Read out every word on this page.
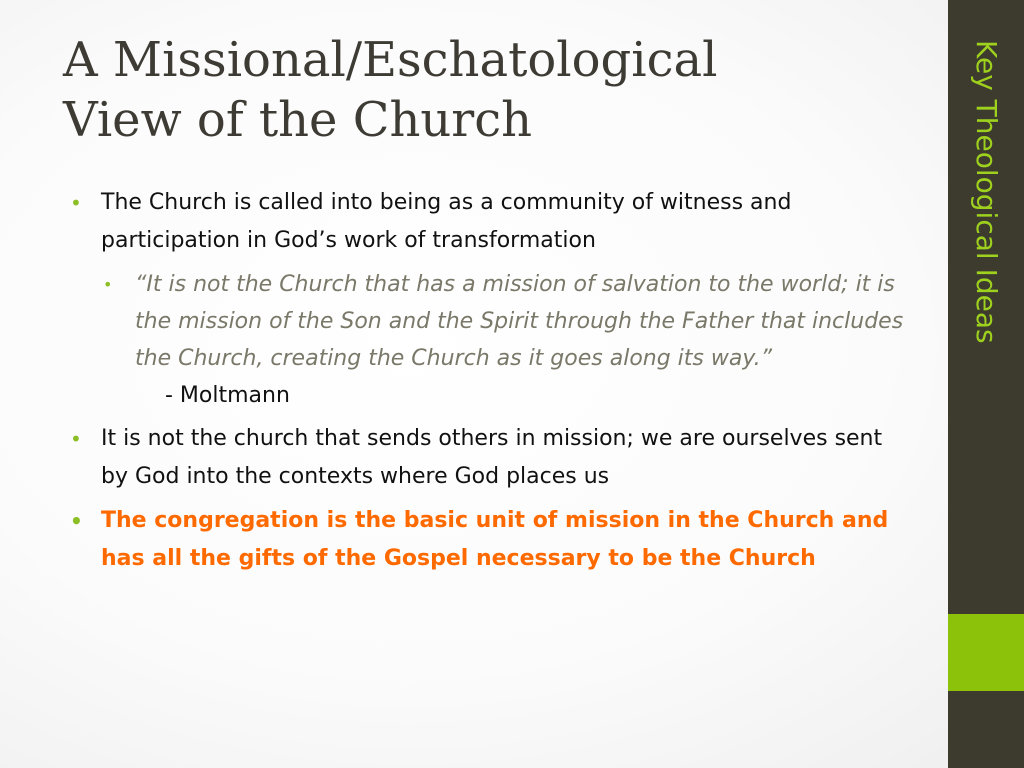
A Missional/Eschatological
View of the Church
• The Church is called into being as a community of witness and participation in God’s work of transformation
• “It is not the Church that has a mission of salvation to the world; it is the mission of the Son and the Spirit through the Father that includes the Church, creating the Church as it goes along its way.”
- Moltmann
• It is not the church that sends others in mission; we are ourselves sent by God into the contexts where God places us
• The congregation is the basic unit of mission in the Church and has all the gifts of the Gospel necessary to be the Church
Key Theological Ideas
